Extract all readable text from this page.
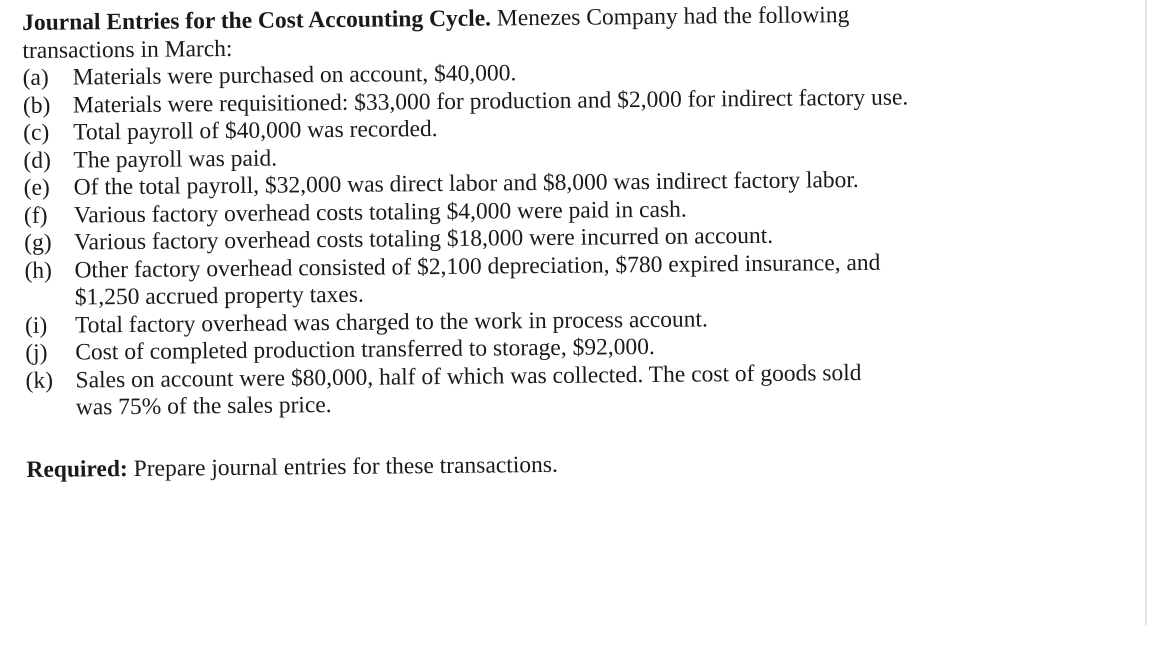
Journal Entries for the Cost Accounting Cycle. Menezes Company had the following
transactions in March:

(a)	Materials were purchased on account, $40,000.
(b) Materials were requisitioned: $33,000 for production and $2,000 for indirect factory use.
(c)	Total payroll of $40,000 was recorded.
(d) The payroll was paid.
(e)	Of the total payroll, $32,000 was direct labor and $8,000 was indirect factory labor.
(f)	Various factory overhead costs totaling $4,000 were paid in cash.
(g) Various factory overhead costs totaling $18,000 were incurred on account.
(h) Other factory overhead consisted of $2,100 depreciation, $780 expired insurance, and
$1,250 accrued property taxes.
(i)	Total factory overhead was charged to the work in process account.
(j)	Cost of completed production transferred to storage, $92,000.
(k) Sales on account were $80,000, half of which was collected. The cost of goods sold
was 75% of the sales price.
Required: Prepare journal entries for these transactions.
